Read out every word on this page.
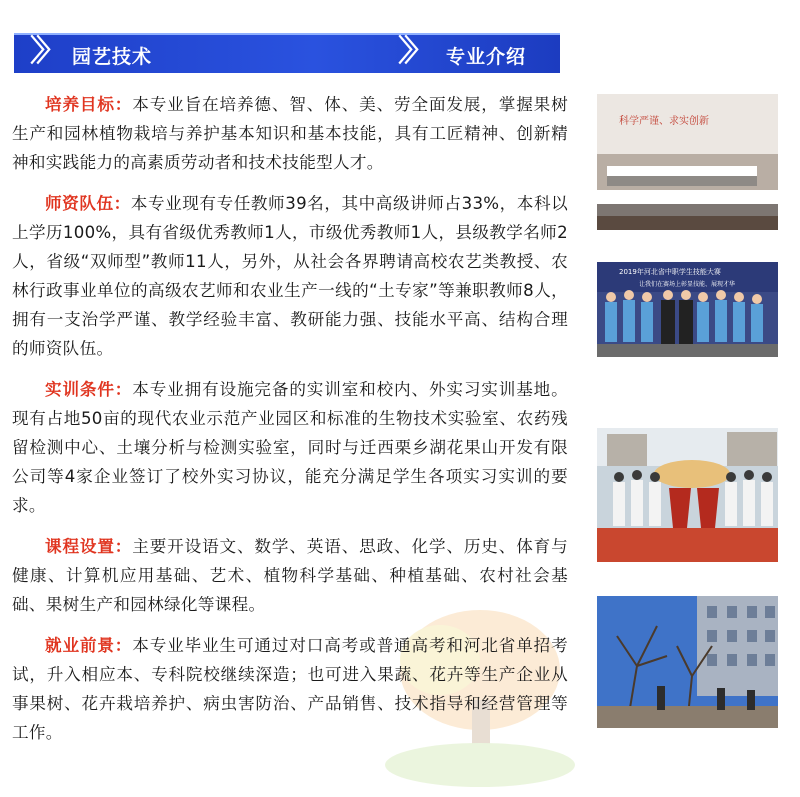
〉〉 园艺技术	〉〉 专业介绍

培养目标：本专业旨在培养德、智、体、美、劳全面发展，掌握果树生产和园林植物栽培与养护基本知识和基本技能，具有工匠精神、创新精神和实践能力的高素质劳动者和技术技能型人才。

师资队伍：本专业现有专任教师39名，其中高级讲师占33%，本科以上学历100%，具有省级优秀教师1人，市级优秀教师1人，县级教学名师2人，省级“双师型”教师11人，另外，从社会各界聘请高校农艺类教授、农林行政事业单位的高级农艺师和农业生产一线的“土专家”等兼职教师8人，拥有一支治学严谨、教学经验丰富、教研能力强、技能水平高、结构合理的师资队伍。

实训条件：本专业拥有设施完备的实训室和校内、外实习实训基地。现有占地50亩的现代农业示范产业园区和标准的生物技术实验室、农药残留检测中心、土壤分析与检测实验室，同时与迁西栗乡湖花果山开发有限公司等4家企业签订了校外实习协议，能充分满足学生各项实习实训的要求。

课程设置：主要开设语文、数学、英语、思政、化学、历史、体育与健康、计算机应用基础、艺术、植物科学基础、种植基础、农村社会基础、果树生产和园林绿化等课程。

就业前景：本专业毕业生可通过对口高考或普通高考和河北省单招考试，升入相应本、专科院校继续深造；也可进入果蔬、花卉等生产企业从事果树、花卉栽培养护、病虫害防治、产品销售、技术指导和经营管理等工作。

科学严谨、求实创新
2019年河北省中职学生技能大赛
让我们在赛场上彰显技能、展现才华
